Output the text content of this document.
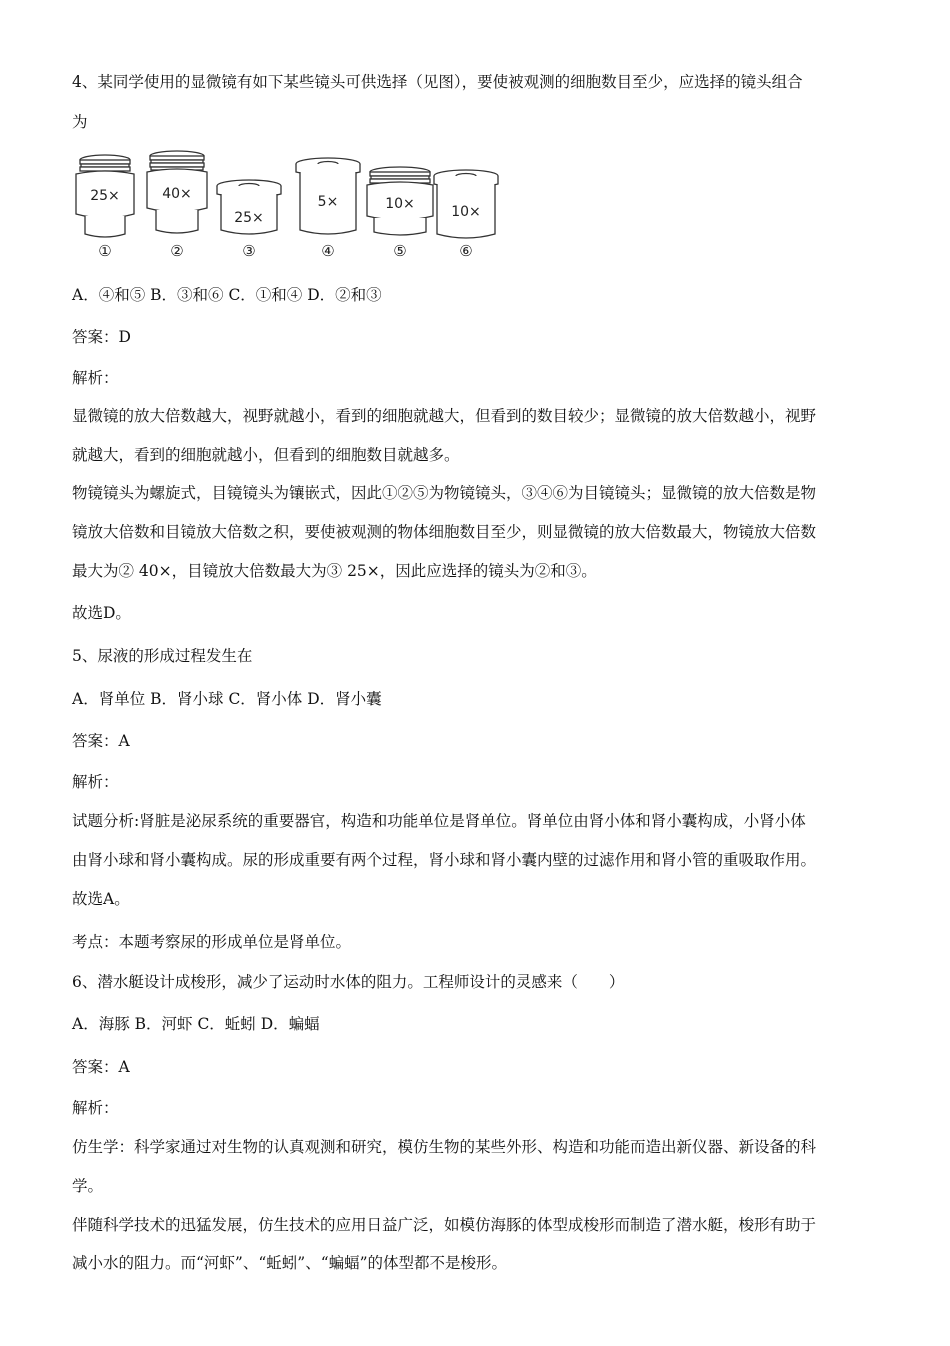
4、某同学使用的显微镜有如下某些镜头可供选择（见图），要使被观测的细胞数目至少，应选择的镜头组合
为
25×	40×
25×
5×	10×	10×
①	②	③	④	⑤	⑥
A．④和⑤ B．③和⑥ C．①和④ D．②和③
答案：D
解析：
显微镜的放大倍数越大，视野就越小，看到的细胞就越大，但看到的数目较少；显微镜的放大倍数越小，视野
就越大，看到的细胞就越小，但看到的细胞数目就越多。
物镜镜头为螺旋式，目镜镜头为镶嵌式，因此①②⑤为物镜镜头，③④⑥为目镜镜头；显微镜的放大倍数是物
镜放大倍数和目镜放大倍数之积，要使被观测的物体细胞数目至少，则显微镜的放大倍数最大，物镜放大倍数
最大为② 40×，目镜放大倍数最大为③ 25×，因此应选择的镜头为②和③。
故选D。
5、尿液的形成过程发生在
A．肾单位 B．肾小球 C．肾小体 D．肾小囊
答案：A
解析：
试题分析:肾脏是泌尿系统的重要器官，构造和功能单位是肾单位。肾单位由肾小体和肾小囊构成，小肾小体
由肾小球和肾小囊构成。尿的形成重要有两个过程，肾小球和肾小囊内壁的过滤作用和肾小管的重吸取作用。
故选A。
考点：本题考察尿的形成单位是肾单位。
6、潜水艇设计成梭形，减少了运动时水体的阻力。工程师设计的灵感来（　　）
A．海豚 B．河虾 C．蚯蚓 D．蝙蝠
答案：A
解析：
仿生学：科学家通过对生物的认真观测和研究，模仿生物的某些外形、构造和功能而造出新仪器、新设备的科
学。
伴随科学技术的迅猛发展，仿生技术的应用日益广泛，如模仿海豚的体型成梭形而制造了潜水艇，梭形有助于
减小水的阻力。而“河虾”、“蚯蚓”、“蝙蝠”的体型都不是梭形。
